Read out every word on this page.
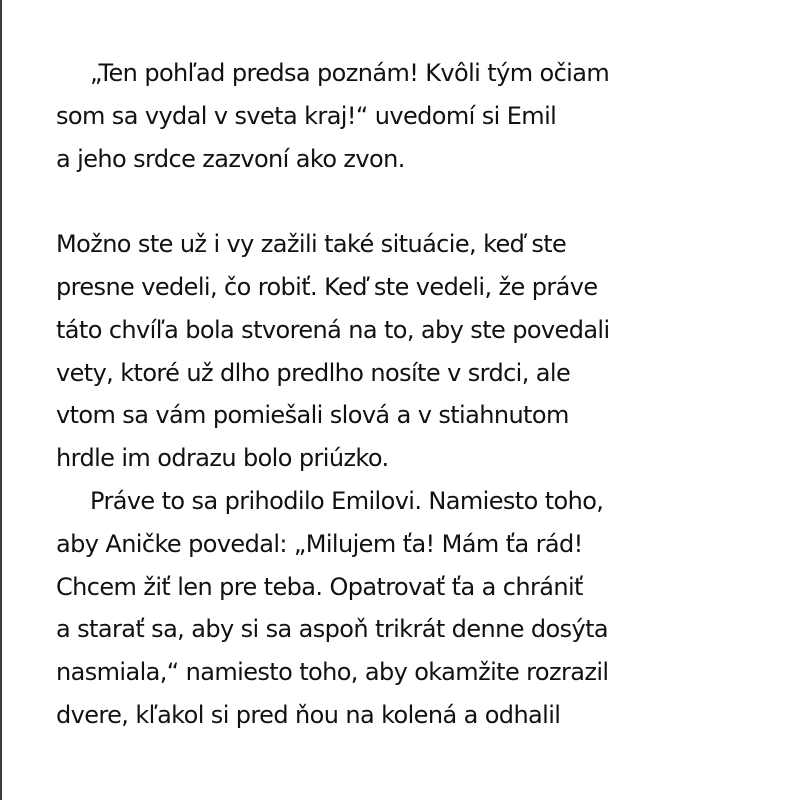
„Ten pohľad predsa poznám! Kvôli tým očiam
som sa vydal v sveta kraj!“ uvedomí si Emil
a jeho srdce zazvoní ako zvon.
Možno ste už i vy zažili také situácie, keď ste
presne vedeli, čo robiť. Keď ste vedeli, že práve
táto chvíľa bola stvorená na to, aby ste povedali
vety, ktoré už dlho predlho nosíte v srdci, ale
vtom sa vám pomiešali slová a v stiahnutom
hrdle im odrazu bolo priúzko.
Práve to sa prihodilo Emilovi. Namiesto toho,
aby Aničke povedal: „Milujem ťa! Mám ťa rád!
Chcem žiť len pre teba. Opatrovať ťa a chrániť
a starať sa, aby si sa aspoň trikrát denne dosýta
nasmiala,“ namiesto toho, aby okamžite rozrazil
dvere, kľakol si pred ňou na kolená a odhalil
